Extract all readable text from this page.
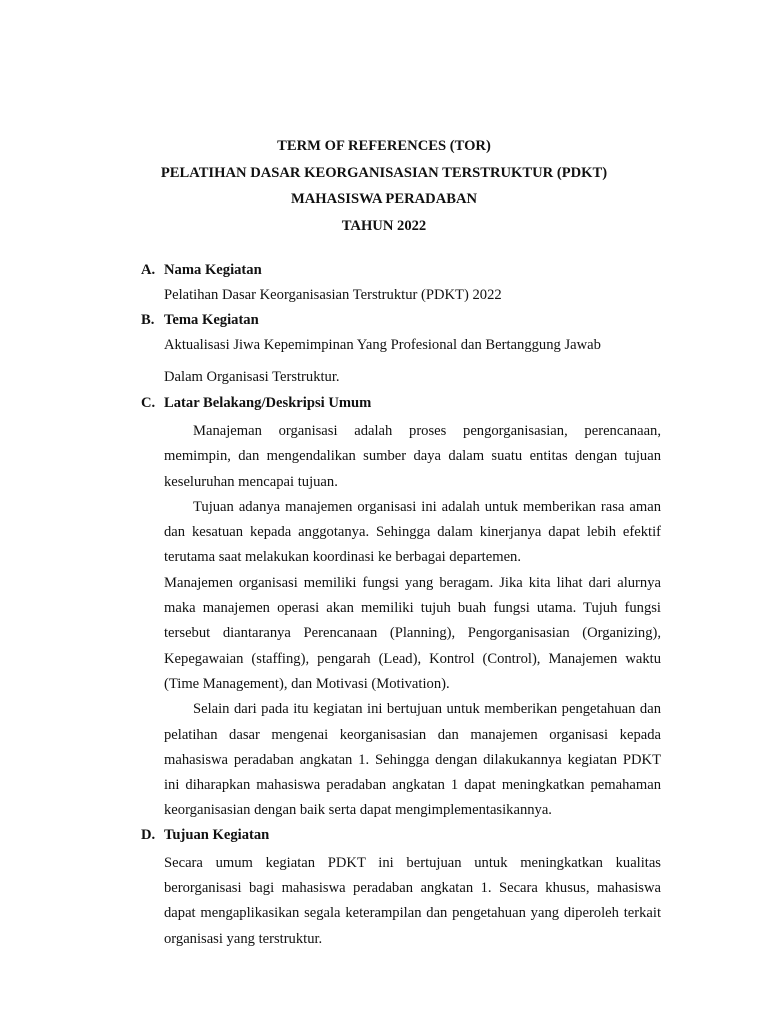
TERM OF REFERENCES (TOR)
PELATIHAN DASAR KEORGANISASIAN TERSTRUKTUR (PDKT)
MAHASISWA PERADABAN
TAHUN 2022
A. Nama Kegiatan
Pelatihan Dasar Keorganisasian Terstruktur (PDKT) 2022
B. Tema Kegiatan
Aktualisasi Jiwa Kepemimpinan Yang Profesional dan Bertanggung Jawab
Dalam Organisasi Terstruktur.
C. Latar Belakang/Deskripsi Umum

Manajeman organisasi adalah proses pengorganisasian, perencanaan, memimpin, dan mengendalikan sumber daya dalam suatu entitas dengan tujuan keseluruhan mencapai tujuan.

Tujuan adanya manajemen organisasi ini adalah untuk memberikan rasa aman dan kesatuan kepada anggotanya. Sehingga dalam kinerjanya dapat lebih efektif terutama saat melakukan koordinasi ke berbagai departemen.

Manajemen organisasi memiliki fungsi yang beragam. Jika kita lihat dari alurnya maka manajemen operasi akan memiliki tujuh buah fungsi utama. Tujuh fungsi tersebut diantaranya Perencanaan (Planning), Pengorganisasian (Organizing), Kepegawaian (staffing), pengarah (Lead), Kontrol (Control), Manajemen waktu (Time Management), dan Motivasi (Motivation).

Selain dari pada itu kegiatan ini bertujuan untuk memberikan pengetahuan dan pelatihan dasar mengenai keorganisasian dan manajemen organisasi kepada mahasiswa peradaban angkatan 1. Sehingga dengan dilakukannya kegiatan PDKT ini diharapkan mahasiswa peradaban angkatan 1 dapat meningkatkan pemahaman keorganisasian dengan baik serta dapat mengimplementasikannya.

D. Tujuan Kegiatan

Secara umum kegiatan PDKT ini bertujuan untuk meningkatkan kualitas berorganisasi bagi mahasiswa peradaban angkatan 1. Secara khusus, mahasiswa dapat mengaplikasikan segala keterampilan dan pengetahuan yang diperoleh terkait organisasi yang terstruktur.
